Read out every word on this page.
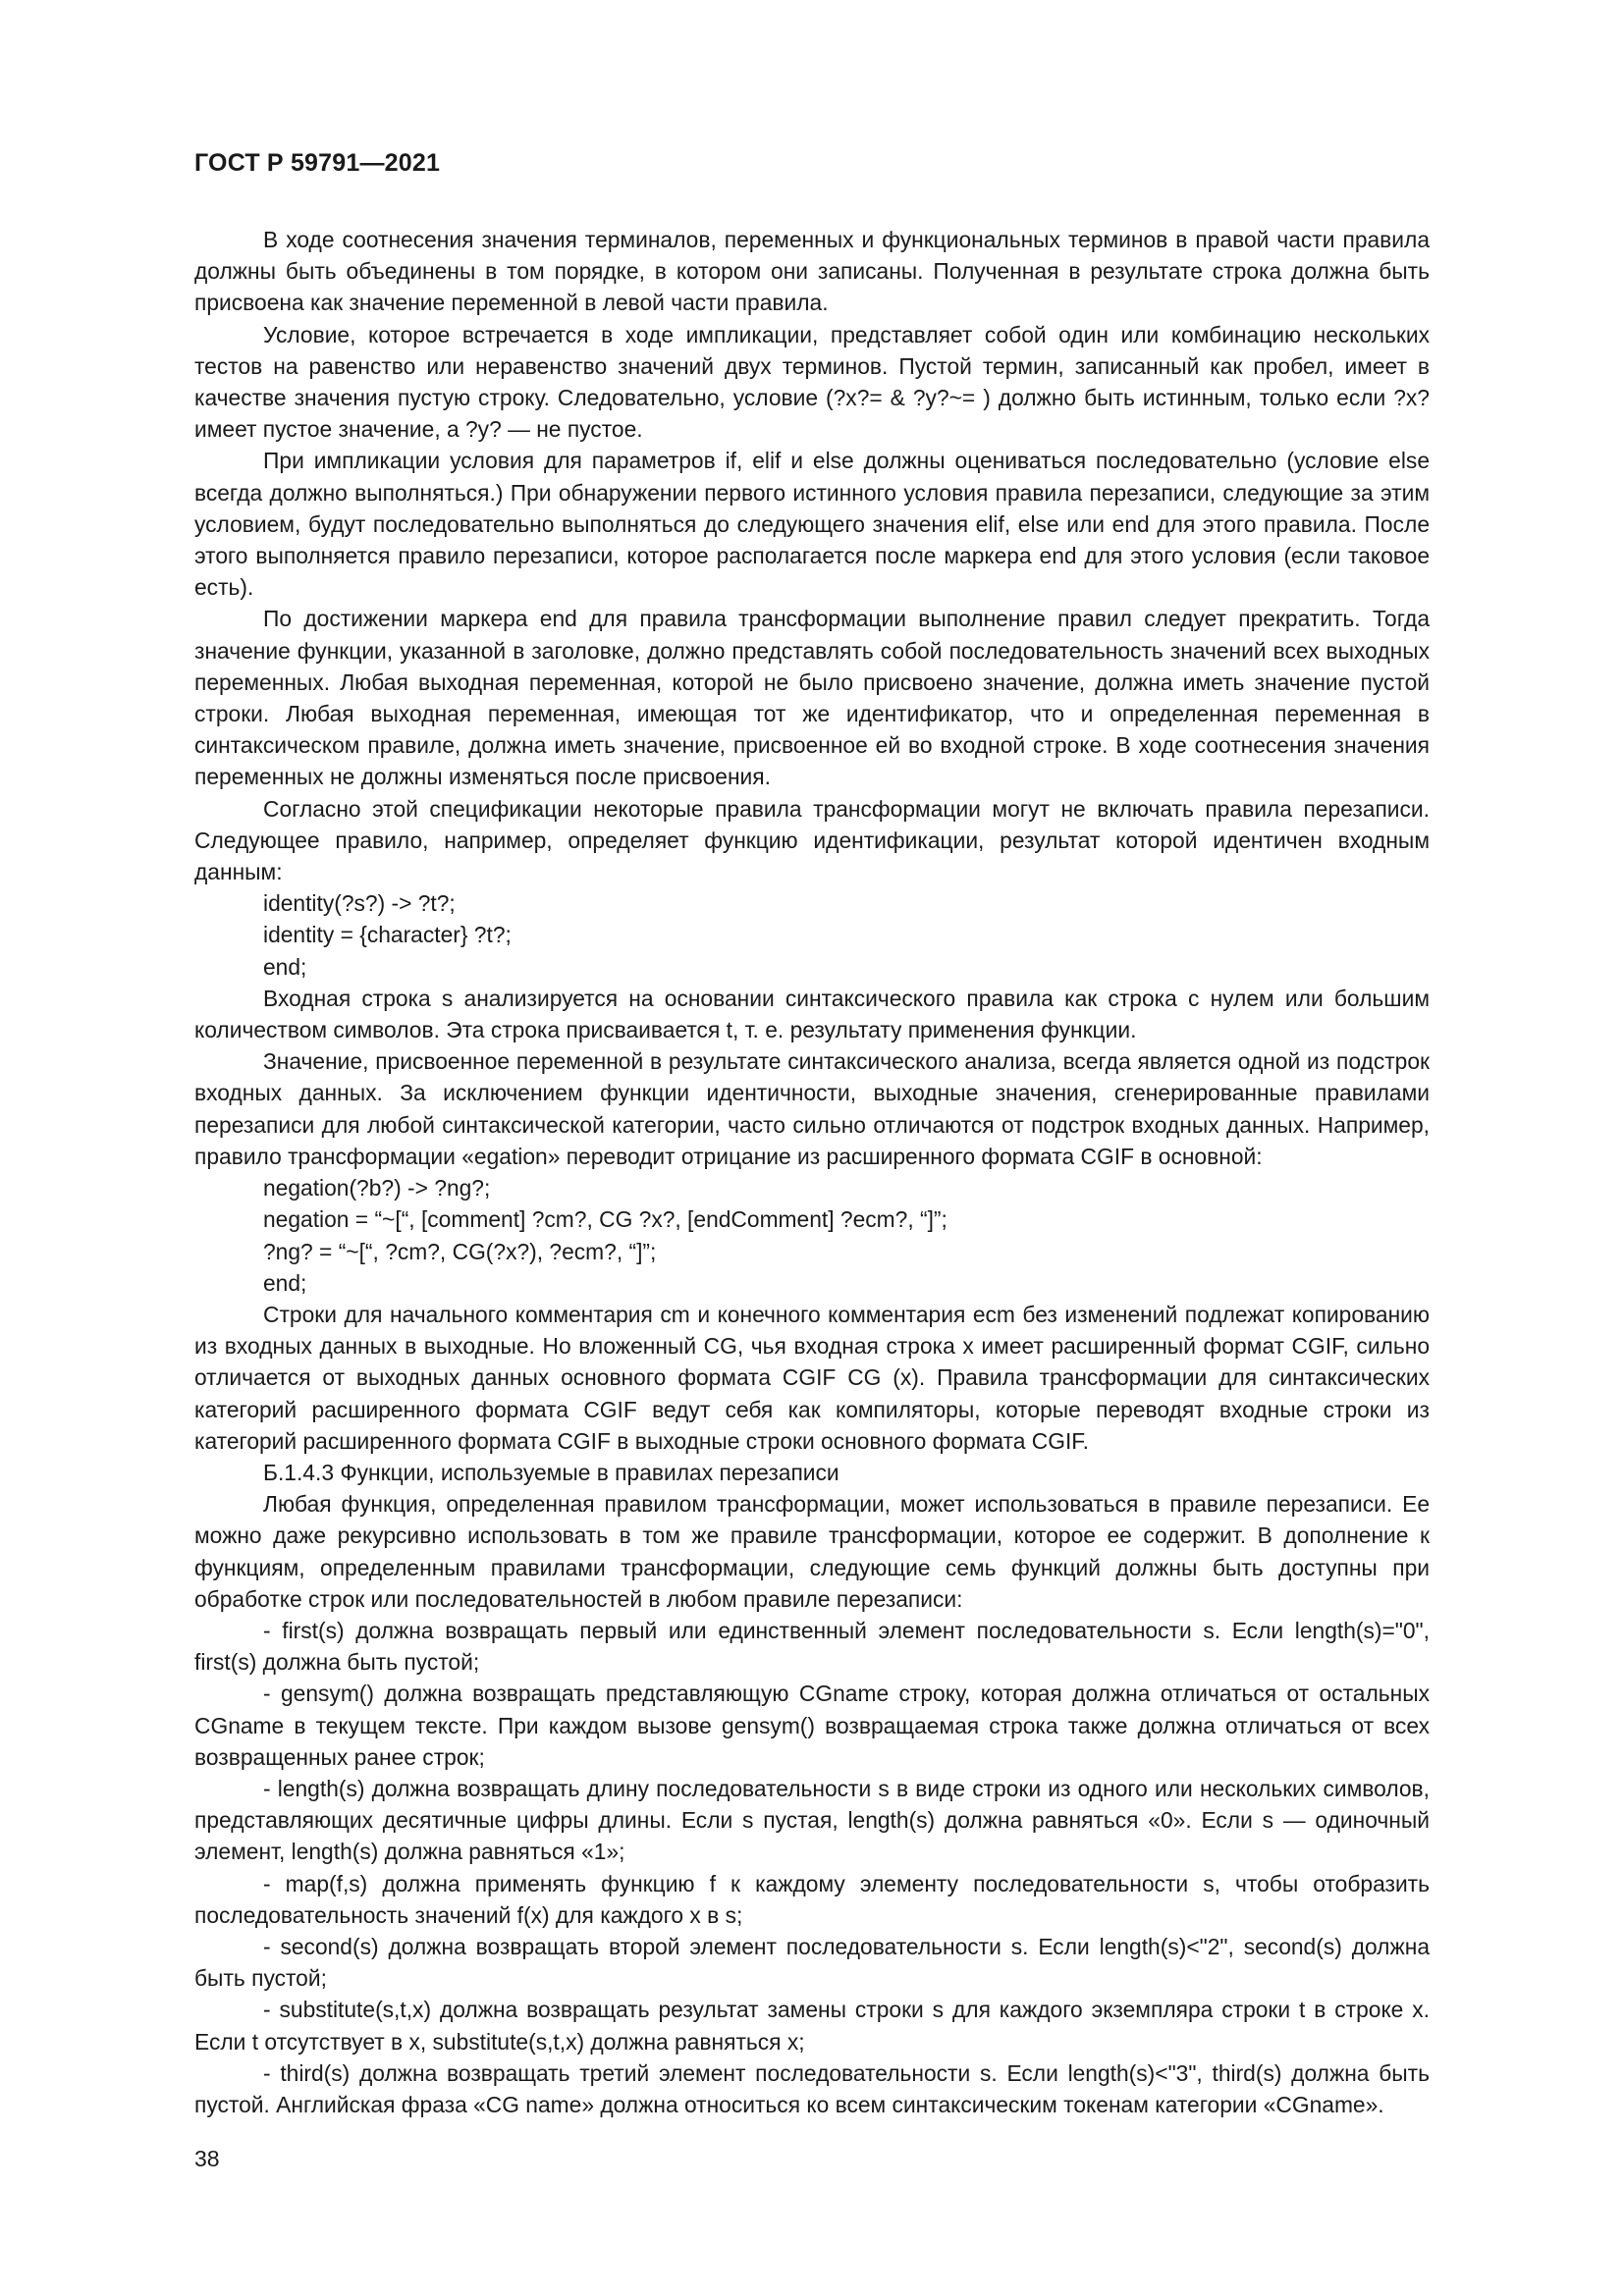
ГОСТ Р 59791—2021

В ходе соотнесения значения терминалов, переменных и функциональных терминов в правой части правила должны быть объединены в том порядке, в котором они записаны. Полученная в результате строка должна быть присвоена как значение переменной в левой части правила.

Условие, которое встречается в ходе импликации, представляет собой один или комбинацию нескольких тестов на равенство или неравенство значений двух терминов. Пустой термин, записанный как пробел, имеет в качестве значения пустую строку. Следовательно, условие (?x?= & ?y?~= ) должно быть истинным, только если ?x? имеет пустое значение, а ?y? — не пустое.

При импликации условия для параметров if, elif и else должны оцениваться последовательно (условие else всегда должно выполняться.) При обнаружении первого истинного условия правила перезаписи, следующие за этим условием, будут последовательно выполняться до следующего значения elif, else или end для этого правила. После этого выполняется правило перезаписи, которое располагается после маркера end для этого условия (если таковое есть).

По достижении маркера end для правила трансформации выполнение правил следует прекратить. Тогда значение функции, указанной в заголовке, должно представлять собой последовательность значений всех выходных переменных. Любая выходная переменная, которой не было присвоено значение, должна иметь значение пустой строки. Любая выходная переменная, имеющая тот же идентификатор, что и определенная переменная в синтаксическом правиле, должна иметь значение, присвоенное ей во входной строке. В ходе соотнесения значения переменных не должны изменяться после присвоения.

Согласно этой спецификации некоторые правила трансформации могут не включать правила перезаписи. Следующее правило, например, определяет функцию идентификации, результат которой идентичен входным данным:

identity(?s?) -> ?t?;

identity = {character} ?t?;

end;

Входная строка s анализируется на основании синтаксического правила как строка с нулем или большим количеством символов. Эта строка присваивается t, т. е. результату применения функции.

Значение, присвоенное переменной в результате синтаксического анализа, всегда является одной из подстрок входных данных. За исключением функции идентичности, выходные значения, сгенерированные правилами перезаписи для любой синтаксической категории, часто сильно отличаются от подстрок входных данных. Например, правило трансформации «egation» переводит отрицание из расширенного формата CGIF в основной:

negation(?b?) -> ?ng?;

negation = “~[“, [comment] ?cm?, CG ?x?, [endComment] ?ecm?, “]”;

?ng? = “~[“, ?cm?, CG(?x?), ?ecm?, “]”;

end;

Строки для начального комментария cm и конечного комментария ecm без изменений подлежат копированию из входных данных в выходные. Но вложенный CG, чья входная строка x имеет расширенный формат CGIF, сильно отличается от выходных данных основного формата CGIF CG (x). Правила трансформации для синтаксических категорий расширенного формата CGIF ведут себя как компиляторы, которые переводят входные строки из категорий расширенного формата CGIF в выходные строки основного формата CGIF.

Б.1.4.3 Функции, используемые в правилах перезаписи

Любая функция, определенная правилом трансформации, может использоваться в правиле перезаписи. Ее можно даже рекурсивно использовать в том же правиле трансформации, которое ее содержит. В дополнение к функциям, определенным правилами трансформации, следующие семь функций должны быть доступны при обработке строк или последовательностей в любом правиле перезаписи:

- first(s) должна возвращать первый или единственный элемент последовательности s. Если length(s)="0", first(s) должна быть пустой;

- gensym() должна возвращать представляющую CGname строку, которая должна отличаться от остальных CGname в текущем тексте. При каждом вызове gensym() возвращаемая строка также должна отличаться от всех возвращенных ранее строк;

- length(s) должна возвращать длину последовательности s в виде строки из одного или нескольких символов, представляющих десятичные цифры длины. Если s пустая, length(s) должна равняться «0». Если s — одиночный элемент, length(s) должна равняться «1»;

- map(f,s) должна применять функцию f к каждому элементу последовательности s, чтобы отобразить последовательность значений f(x) для каждого x в s;

- second(s) должна возвращать второй элемент последовательности s. Если length(s)<"2", second(s) должна быть пустой;

- substitute(s,t,x) должна возвращать результат замены строки s для каждого экземпляра строки t в строке x. Если t отсутствует в x, substitute(s,t,x) должна равняться x;

- third(s) должна возвращать третий элемент последовательности s. Если length(s)<"3", third(s) должна быть пустой. Английская фраза «CG name» должна относиться ко всем синтаксическим токенам категории «CGname».

38
